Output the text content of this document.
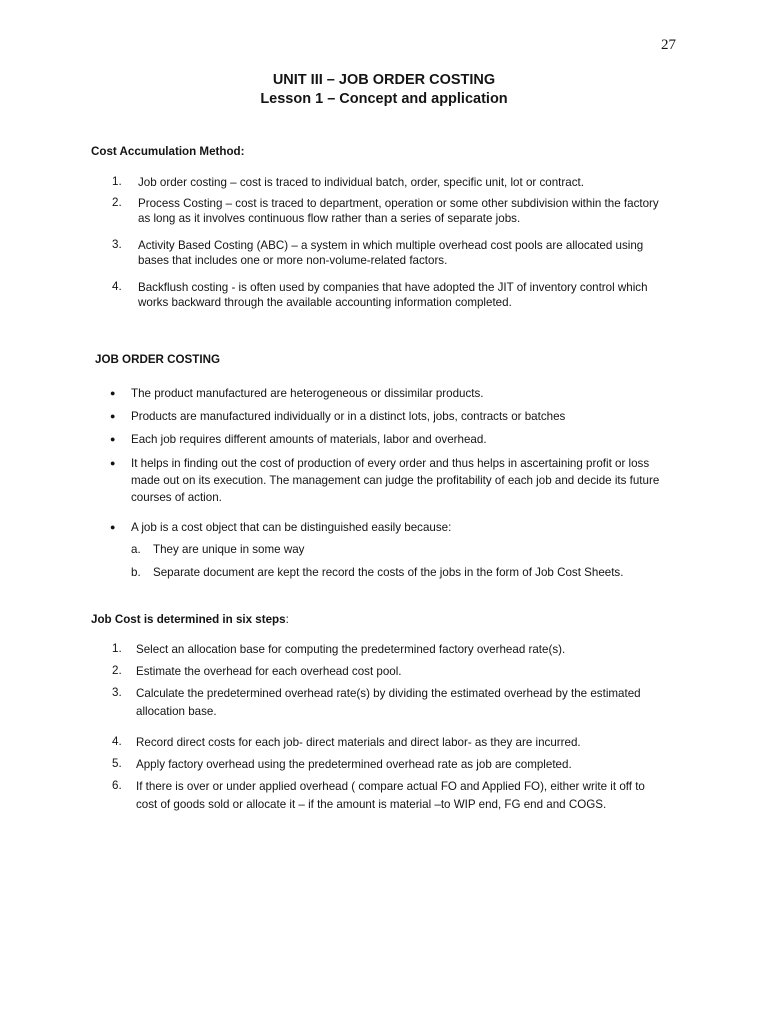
27
UNIT III – JOB ORDER COSTING
Lesson 1 – Concept and application
Cost Accumulation Method:
1.	Job order costing – cost is traced to individual batch, order, specific unit, lot or contract.
2.	Process Costing – cost is traced to department, operation or some other subdivision within the factory
as long as it involves continuous flow rather than a series of separate jobs.
3.	Activity Based Costing (ABC) – a system in which multiple overhead cost pools are allocated using
bases that includes one or more non-volume-related factors.
4.	Backflush costing - is often used by companies that have adopted the JIT of inventory control which
works backward through the available accounting information completed.
JOB ORDER COSTING
● The product manufactured are heterogeneous or dissimilar products.
● Products are manufactured individually or in a distinct lots, jobs, contracts or batches
● Each job requires different amounts of materials, labor and overhead.
● It helps in finding out the cost of production of every order and thus helps in ascertaining profit or loss
made out on its execution. The management can judge the profitability of each job and decide its future
courses of action.
● A job is a cost object that can be distinguished easily because:
a. They are unique in some way
b. Separate document are kept the record the costs of the jobs in the form of Job Cost Sheets.
Job Cost is determined in six steps:
1.	Select an allocation base for computing the predetermined factory overhead rate(s).
2.	Estimate the overhead for each overhead cost pool.
3.	Calculate the predetermined overhead rate(s) by dividing the estimated overhead by the estimated
allocation base.
4.	Record direct costs for each job- direct materials and direct labor- as they are incurred.
5.	Apply factory overhead using the predetermined overhead rate as job are completed.
6.	If there is over or under applied overhead ( compare actual FO and Applied FO), either write it off to
cost of goods sold or allocate it – if the amount is material –to WIP end, FG end and COGS.
